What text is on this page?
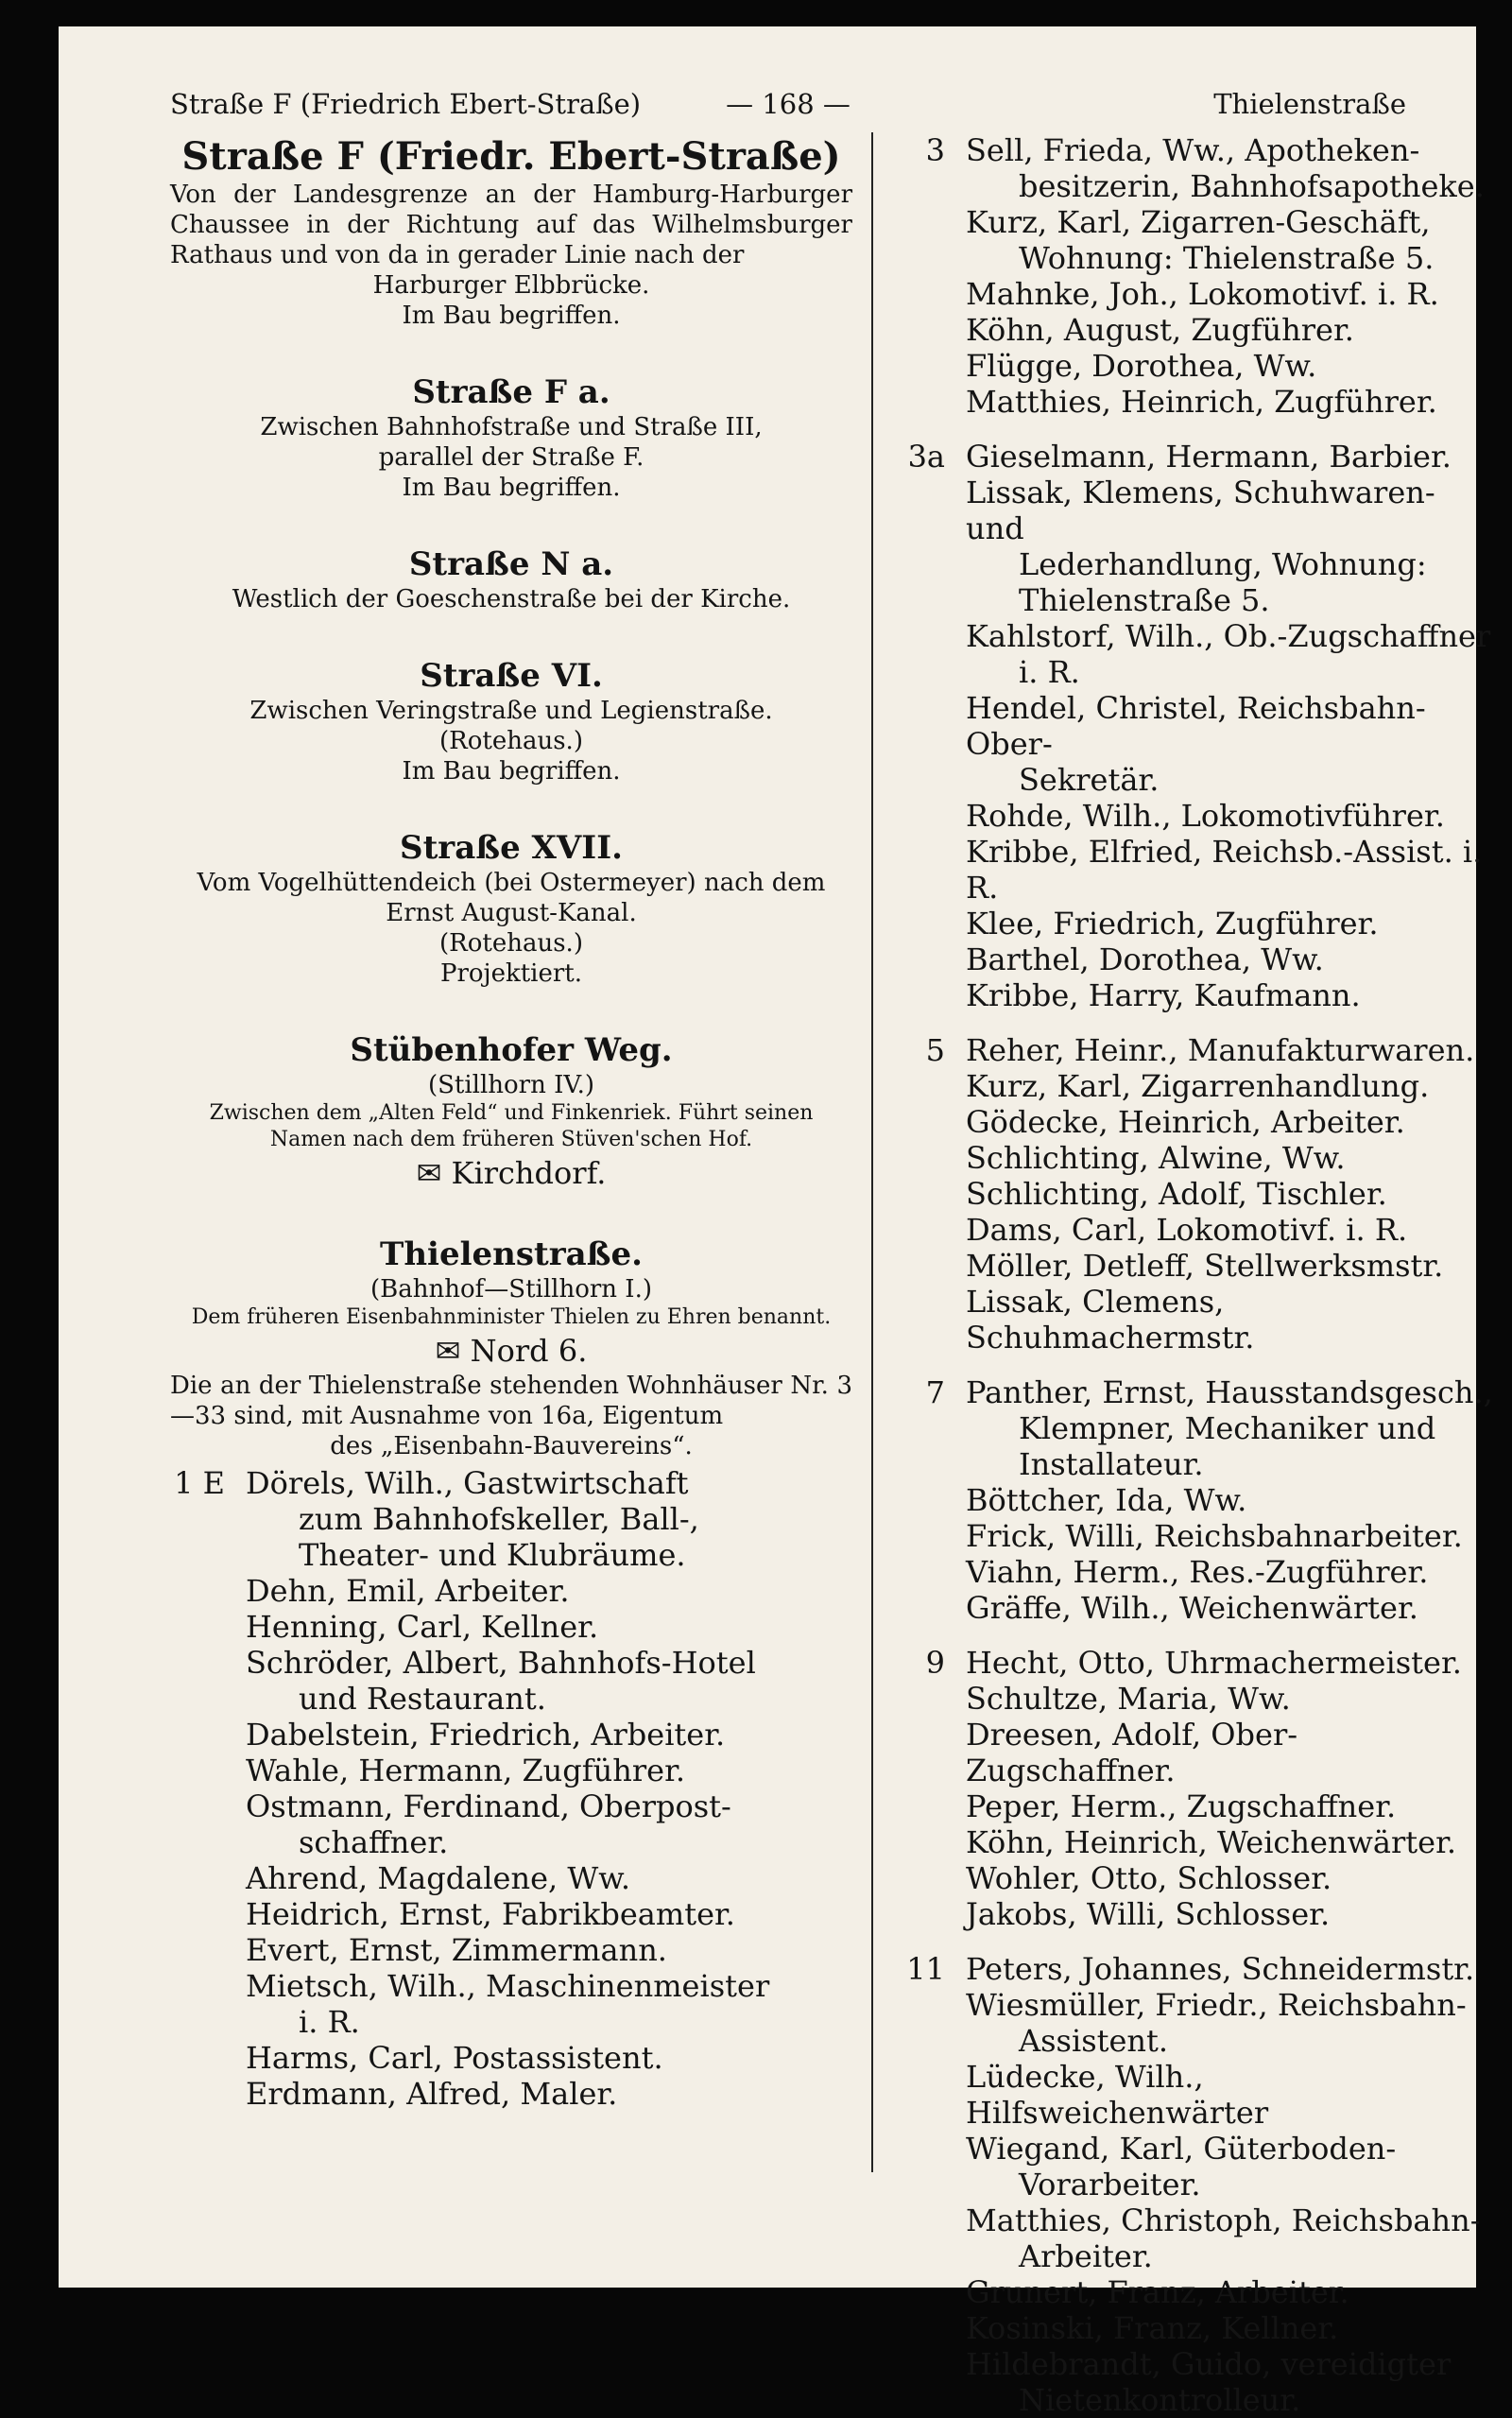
Straße F (Friedrich Ebert-Straße)	— 168 —	Thielenstraße
Straße F (Friedr. Ebert-Straße)
Von der Landesgrenze an der Hamburg-Harburger Chaussee in der Richtung auf das Wilhelmsburger Rathaus und von da in gerader Linie nach der
Harburger Elbbrücke.
Im Bau begriffen.
Straße F a.
Zwischen Bahnhofstraße und Straße III,
parallel der Straße F.
Im Bau begriffen.
Straße N a.
Westlich der Goeschenstraße bei der Kirche.
Straße VI.
Zwischen Veringstraße und Legienstraße.
(Rotehaus.)
Im Bau begriffen.
Straße XVII.
Vom Vogelhüttendeich (bei Ostermeyer) nach dem
Ernst August-Kanal.
(Rotehaus.)
Projektiert.
Stübenhofer Weg.
(Stillhorn IV.)
Zwischen dem „Alten Feld“ und Finkenriek. Führt seinen
Namen nach dem früheren Stüven'schen Hof.
✉ Kirchdorf.
Thielenstraße.
(Bahnhof—Stillhorn I.)
Dem früheren Eisenbahnminister Thielen zu Ehren benannt.
✉ Nord 6.
Die an der Thielenstraße stehenden Wohnhäuser Nr. 3—33 sind, mit Ausnahme von 16a, Eigentum
des „Eisenbahn-Bauvereins“.
1 E Dörels, Wilh., Gastwirtschaft
zum Bahnhofskeller, Ball-,
Theater- und Klubräume.
Dehn, Emil, Arbeiter.
Henning, Carl, Kellner.
Schröder, Albert, Bahnhofs-Hotel
und Restaurant.
Dabelstein, Friedrich, Arbeiter.
Wahle, Hermann, Zugführer.
Ostmann, Ferdinand, Oberpost-
schaffner.
Ahrend, Magdalene, Ww.
Heidrich, Ernst, Fabrikbeamter.
Evert, Ernst, Zimmermann.
Mietsch, Wilh., Maschinenmeister
i. R.
Harms, Carl, Postassistent.
Erdmann, Alfred, Maler.
3 Sell, Frieda, Ww., Apotheken-
besitzerin, Bahnhofsapotheke.
Kurz, Karl, Zigarren-Geschäft,
Wohnung: Thielenstraße 5.
Mahnke, Joh., Lokomotivf. i. R.
Köhn, August, Zugführer.
Flügge, Dorothea, Ww.
Matthies, Heinrich, Zugführer.
3a Gieselmann, Hermann, Barbier.
Lissak, Klemens, Schuhwaren- und
Lederhandlung, Wohnung:
Thielenstraße 5.
Kahlstorf, Wilh., Ob.-Zugschaffner
i. R.
Hendel, Christel, Reichsbahn-Ober-
Sekretär.
Rohde, Wilh., Lokomotivführer.
Kribbe, Elfried, Reichsb.-Assist. i. R.
Klee, Friedrich, Zugführer.
Barthel, Dorothea, Ww.
Kribbe, Harry, Kaufmann.
5 Reher, Heinr., Manufakturwaren.
Kurz, Karl, Zigarrenhandlung.
Gödecke, Heinrich, Arbeiter.
Schlichting, Alwine, Ww.
Schlichting, Adolf, Tischler.
Dams, Carl, Lokomotivf. i. R.
Möller, Detleff, Stellwerksmstr.
Lissak, Clemens, Schuhmachermstr.
7 Panther, Ernst, Hausstandsgesch.,
Klempner, Mechaniker und
Installateur.
Böttcher, Ida, Ww.
Frick, Willi, Reichsbahnarbeiter.
Viahn, Herm., Res.-Zugführer.
Gräffe, Wilh., Weichenwärter.
9 Hecht, Otto, Uhrmachermeister.
Schultze, Maria, Ww.
Dreesen, Adolf, Ober-Zugschaffner.
Peper, Herm., Zugschaffner.
Köhn, Heinrich, Weichenwärter.
Wohler, Otto, Schlosser.
Jakobs, Willi, Schlosser.
11 Peters, Johannes, Schneidermstr.
Wiesmüller, Friedr., Reichsbahn-
Assistent.
Lüdecke, Wilh., Hilfsweichenwärter
Wiegand, Karl, Güterboden-
Vorarbeiter.
Matthies, Christoph, Reichsbahn-
Arbeiter.
Grunert, Franz, Arbeiter.
Kosinski, Franz, Kellner.
Hildebrandt, Guido, vereidigter
Nietenkontrolleur.
